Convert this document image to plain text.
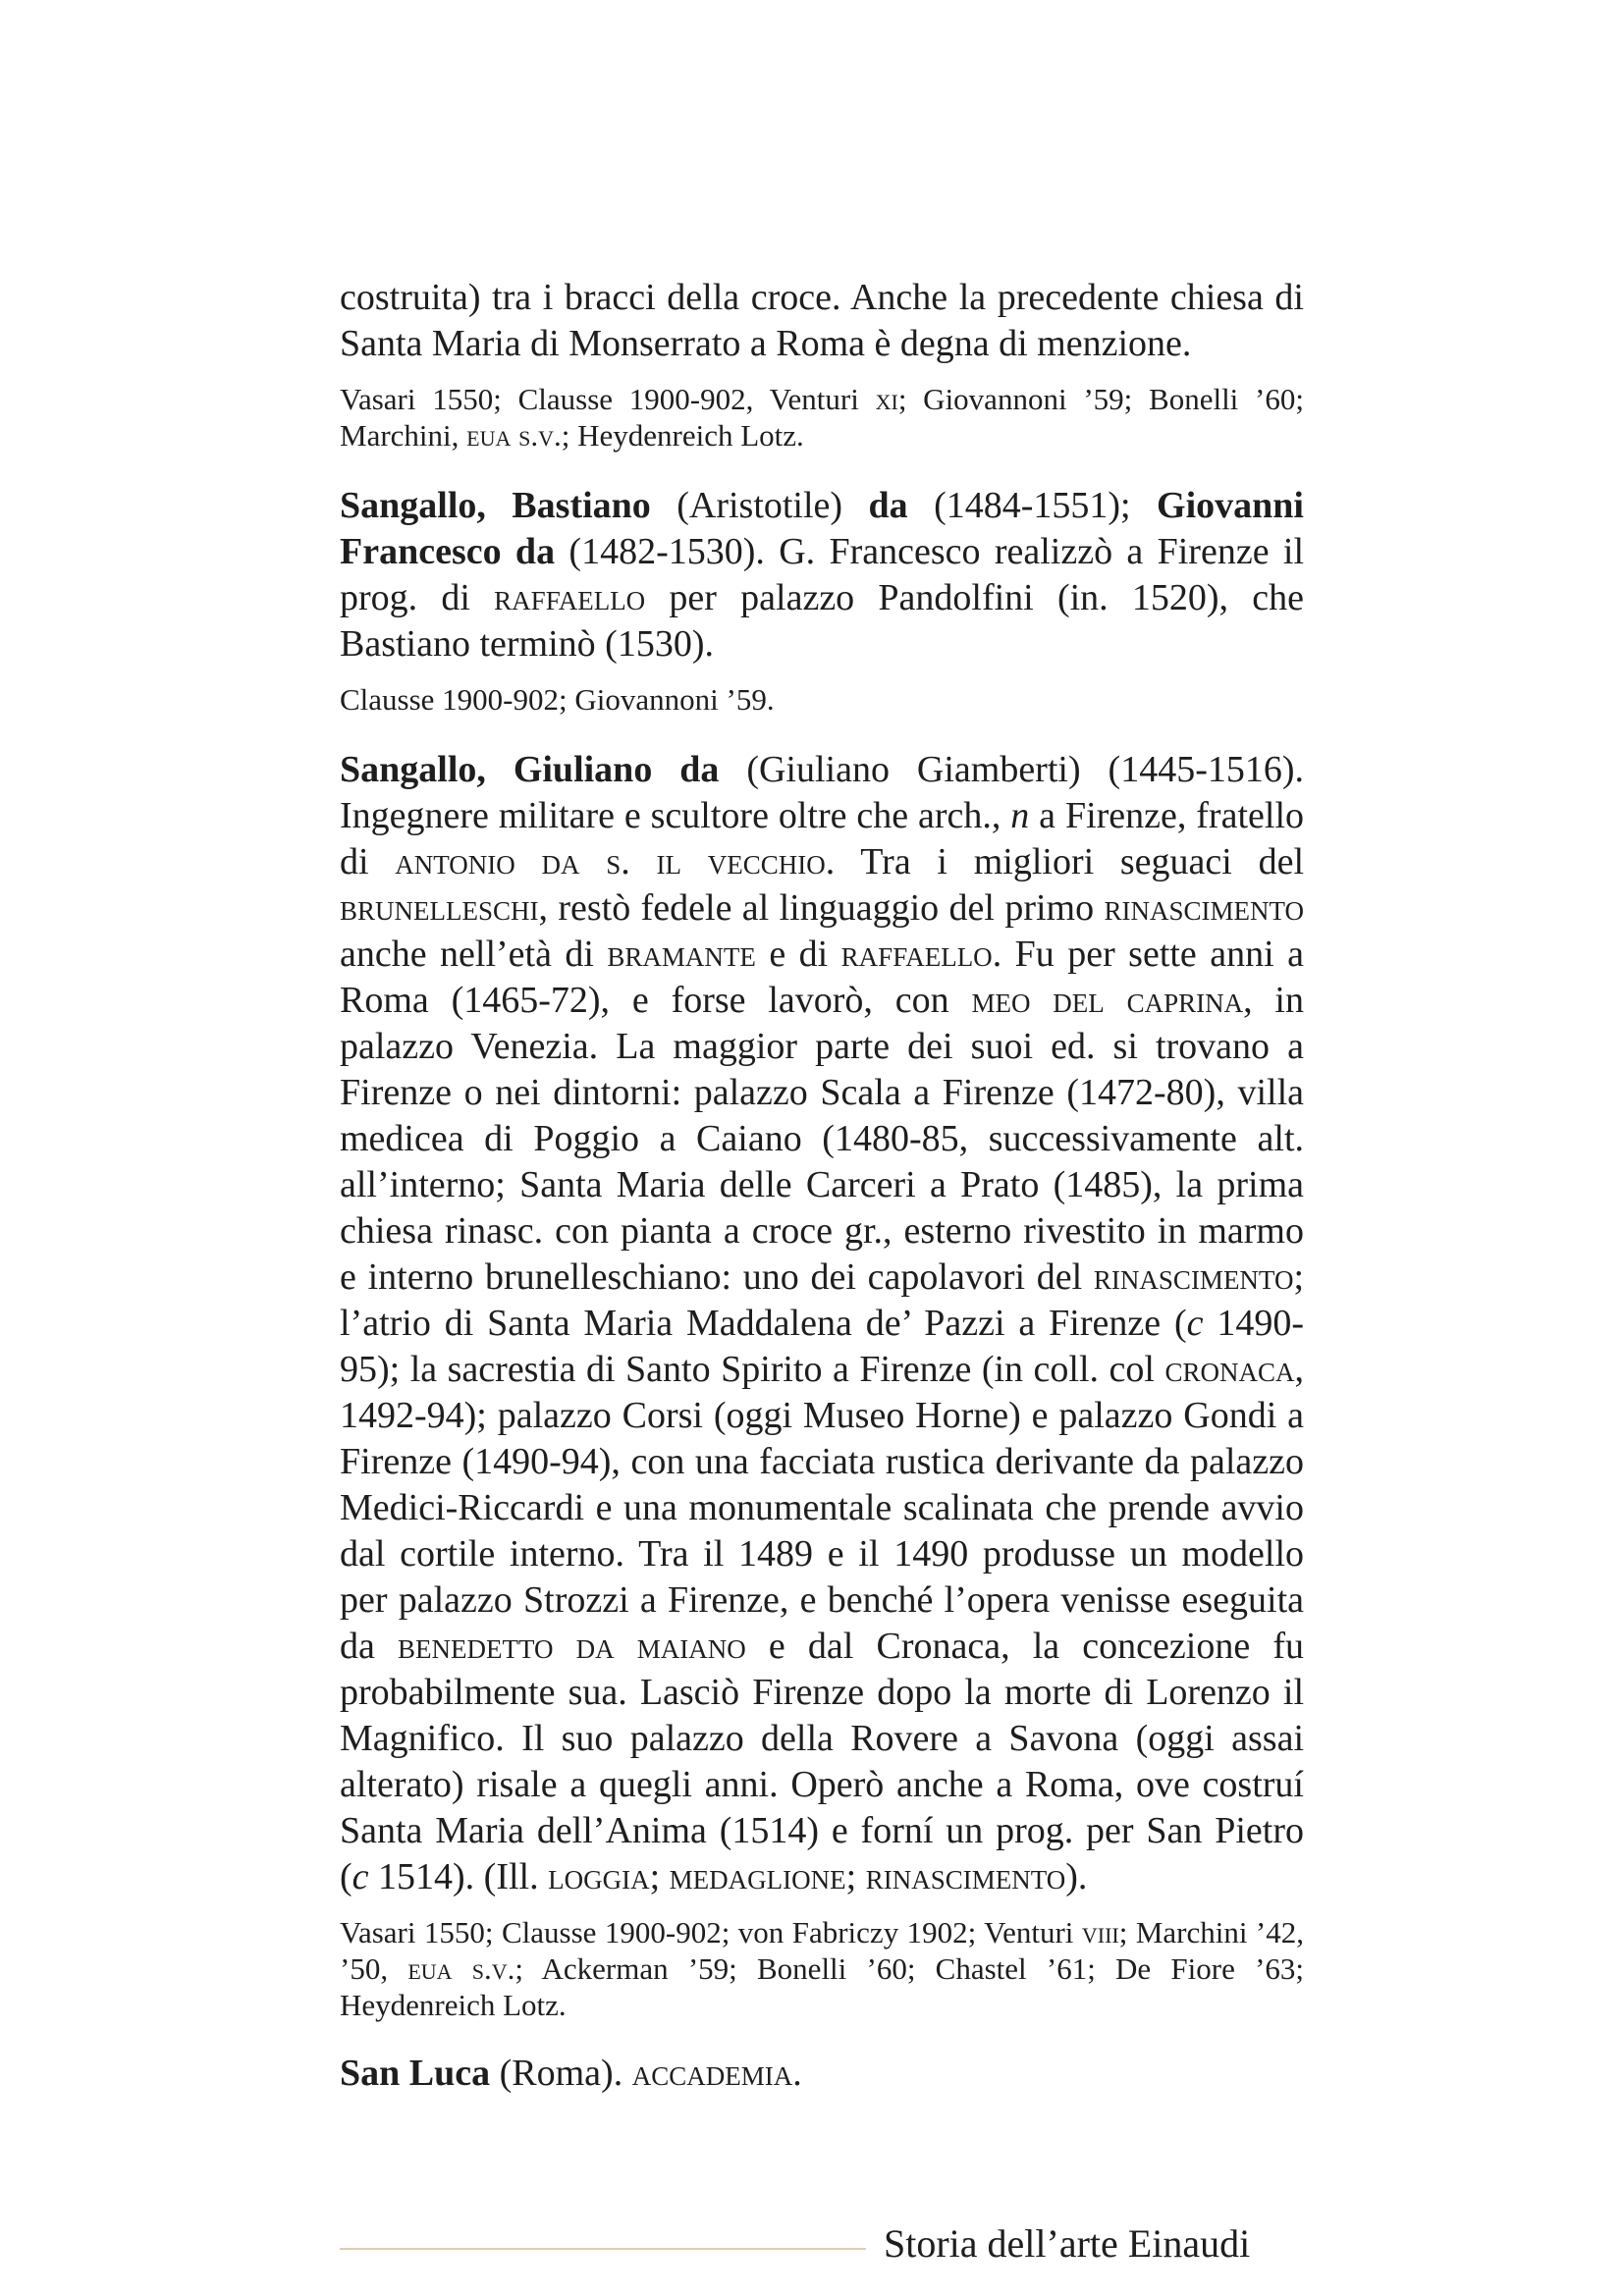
costruita) tra i bracci della croce. Anche la precedente chiesa di Santa Maria di Monserrato a Roma è degna di menzione.

Vasari 1550; Clausse 1900-902, Venturi xi; Giovannoni ’59; Bonelli ’60; Marchini, eua s.v.; Heydenreich Lotz.

Sangallo, Bastiano (Aristotile) da (1484-1551); Giovanni Francesco da (1482-1530). G. Francesco realizzò a Firenze il prog. di raffaello per palazzo Pandolfini (in. 1520), che Bastiano terminò (1530).

Clausse 1900-902; Giovannoni ’59.

Sangallo, Giuliano da (Giuliano Giamberti) (1445-1516). Ingegnere militare e scultore oltre che arch., n a Firenze, fratello di antonio da s. il vecchio. Tra i migliori seguaci del brunelleschi, restò fedele al linguaggio del primo rinascimento anche nell’età di bramante e di raffaello. Fu per sette anni a Roma (1465-72), e forse lavorò, con meo del caprina, in palazzo Venezia. La maggior parte dei suoi ed. si trovano a Firenze o nei dintorni: palazzo Scala a Firenze (1472-80), villa medicea di Poggio a Caiano (1480-85, successivamente alt. all’interno; Santa Maria delle Carceri a Prato (1485), la prima chiesa rinasc. con pianta a croce gr., esterno rivestito in marmo e interno brunelleschiano: uno dei capolavori del rinascimento; l’atrio di Santa Maria Maddalena de’ Pazzi a Firenze (c 1490-95); la sacrestia di Santo Spirito a Firenze (in coll. col cronaca, 1492-94); palazzo Corsi (oggi Museo Horne) e palazzo Gondi a Firenze (1490-94), con una facciata rustica derivante da palazzo Medici-Riccardi e una monumentale scalinata che prende avvio dal cortile interno. Tra il 1489 e il 1490 produsse un modello per palazzo Strozzi a Firenze, e benché l’opera venisse eseguita da benedetto da maiano e dal Cronaca, la concezione fu probabilmente sua. Lasciò Firenze dopo la morte di Lorenzo il Magnifico. Il suo palazzo della Rovere a Savona (oggi assai alterato) risale a quegli anni. Operò anche a Roma, ove costruí Santa Maria dell’Anima (1514) e forní un prog. per San Pietro (c 1514). (Ill. loggia; medaglione; rinascimento).

Vasari 1550; Clausse 1900-902; von Fabriczy 1902; Venturi viii; Marchini ’42, ’50, eua s.v.; Ackerman ’59; Bonelli ’60; Chastel ’61; De Fiore ’63; Heydenreich Lotz.

San Luca (Roma). accademia.

Storia dell’arte Einaudi
